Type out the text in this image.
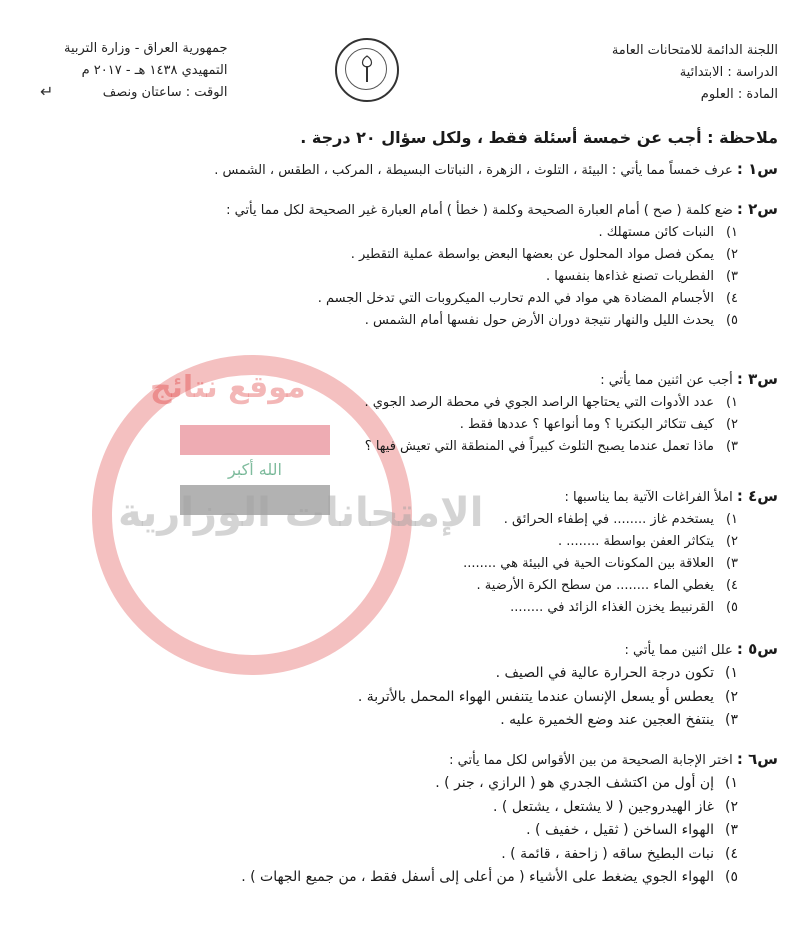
اللجنة الدائمة للامتحانات العامة
الدراسة : الابتدائية
المادة : العلوم
جمهورية العراق - وزارة التربية
التمهيدي ١٤٣٨ هـ - ٢٠١٧ م
الوقت : ساعتان ونصف
↵
الله أكبر
موقع نتائج
الإمتحانات الوزارية
ملاحظة : أجب عن خمسة أسئلة فقط ، ولكل سؤال ٢٠ درجة .
س١ : عرف خمساً مما يأتي : البيئة ، التلوث ، الزهرة ، النباتات البسيطة ، المركب ، الطقس ، الشمس .
س٢ : ضع كلمة ( صح ) أمام العبارة الصحيحة وكلمة ( خطأ ) أمام العبارة غير الصحيحة لكل مما يأتي :
١)النبات كائن مستهلك .
٢)يمكن فصل مواد المحلول عن بعضها البعض بواسطة عملية التقطير .
٣)الفطريات تصنع غذاءها بنفسها .
٤)الأجسام المضادة هي مواد في الدم تحارب الميكروبات التي تدخل الجسم .
٥)يحدث الليل والنهار نتيجة دوران الأرض حول نفسها أمام الشمس .
س٣ : أجب عن اثنين مما يأتي :
١)عدد الأدوات التي يحتاجها الراصد الجوي في محطة الرصد الجوي .
٢)كيف تتكاثر البكتريا ؟ وما أنواعها ؟ عددها فقط .
٣)ماذا تعمل عندما يصبح التلوث كبيراً في المنطقة التي تعيش فيها ؟
س٤ : املأ الفراغات الآتية بما يناسبها :
١)يستخدم غاز ........ في إطفاء الحرائق .
٢)يتكاثر العفن بواسطة ........ .
٣)العلاقة بين المكونات الحية في البيئة هي ........
٤)يغطي الماء ........ من سطح الكرة الأرضية .
٥)القرنبيط يخزن الغذاء الزائد في ........
س٥ : علل اثنين مما يأتي :
١)تكون درجة الحرارة عالية في الصيف .
٢)يعطس أو يسعل الإنسان عندما يتنفس الهواء المحمل بالأتربة .
٣)ينتفخ العجين عند وضع الخميرة عليه .
س٦ : اختر الإجابة الصحيحة من بين الأقواس لكل مما يأتي :
١)إن أول من اكتشف الجدري هو ( الرازي ، جنر ) .
٢)غاز الهيدروجين ( لا يشتعل ، يشتعل ) .
٣)الهواء الساخن ( ثقيل ، خفيف ) .
٤)نبات البطيخ ساقه ( زاحفة ، قائمة ) .
٥)الهواء الجوي يضغط على الأشياء ( من أعلى إلى أسفل فقط ، من جميع الجهات ) .
